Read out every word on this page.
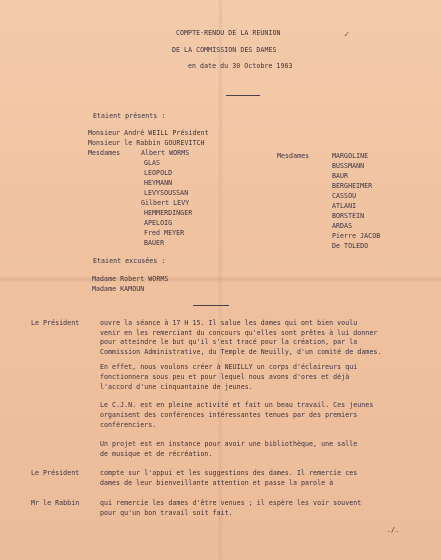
COMPTE-RENDU DE LA REUNION
DE LA COMMISSION DES DAMES
en date du 30 Octobre 1963
Etaient présents :
Monsieur André WEILL Président
Monsieur le Rabbin GOUREVITCH
Mesdames	Albert WORMS
GLAS
LEOPOLD
HEYMANN
LEVYSOUSSAN
Gilbert LEVY
HEMMERDINGER
APELOIG
Fred MEYER
BAUER
Mesdames	MARGOLINE
BUSSMANN
BAUR
BERGHEIMER
CASSOU
ATLANI
BORSTEIN
ARDAS
Pierre JACOB
De TOLEDO
Etaient excusées :
Madame Robert WORMS
Madame KAMOUN
Le Président	ouvre la séance à 17 H 15. Il salue les dames qui ont bien voulu
venir en les remerciant du concours qu'elles sont prêtes à lui donner
pour atteindre le but qu'il s'est tracé pour la création, par la
Commission Administrative, du Temple de Neuilly, d'un comité de dames.
En effet, nous voulons créer à NEUILLY un corps d'éclaireurs qui
fonctionnera sous peu et pour lequel nous avons d'ores et déjà
l'accord d'une cinquantaine de jeunes.
Le C.J.N. est en pleine activité et fait un beau travail. Ces jeunes
organisent des conférences intéressantes tenues par des premiers
conférenciers.
Un projet est en instance pour avoir une bibliothèque, une salle
de musique et de récréation.
Le Président	compte sur l'appui et les suggestions des dames. Il remercie ces
dames de leur bienveillante attention et passe la parole à
Mr le Rabbin	qui remercie les dames d'être venues ; il espère les voir souvent
pour qu'un bon travail soit fait.
./.
✓
